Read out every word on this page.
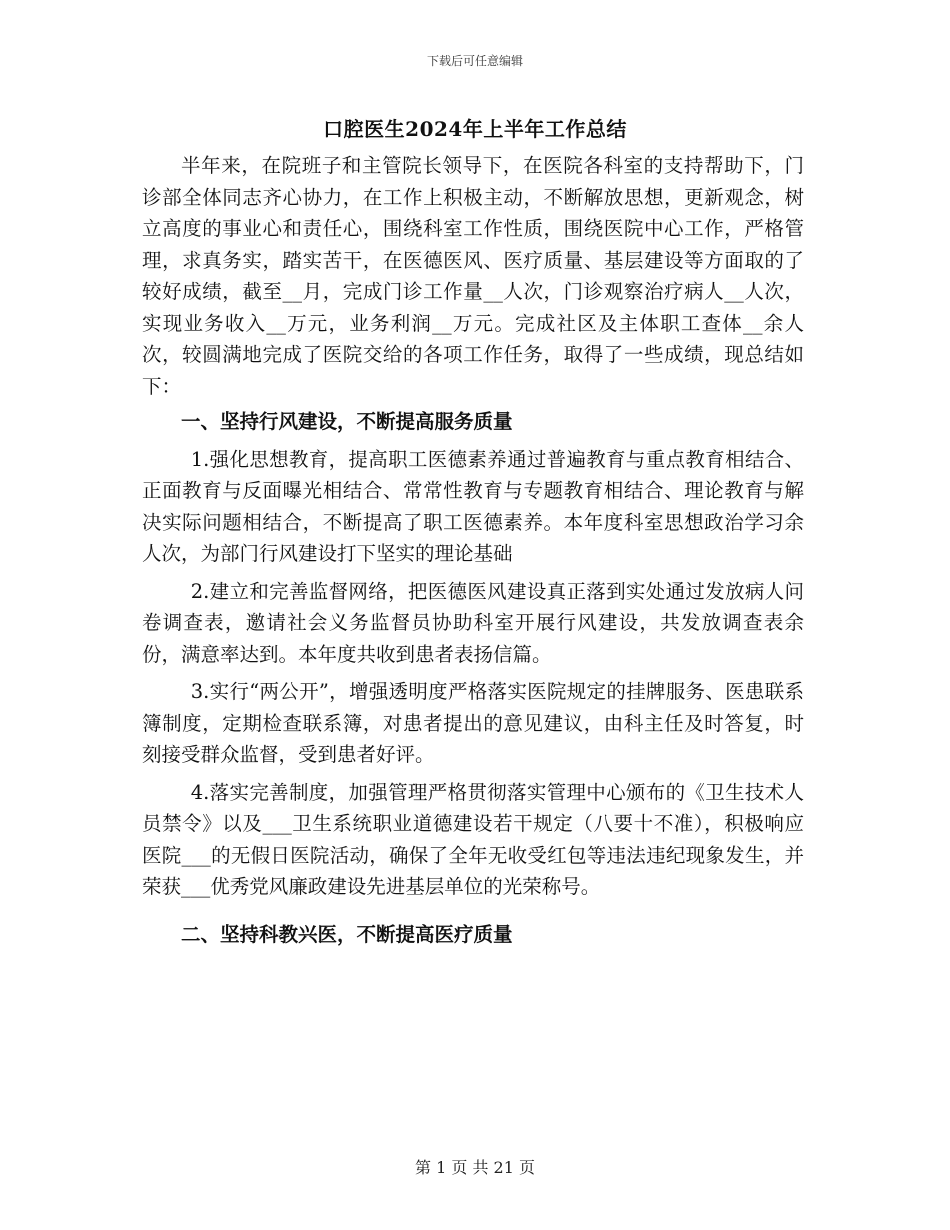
下载后可任意编辑
口腔医生2024年上半年工作总结

半年来，在院班子和主管院长领导下，在医院各科室的支持帮助下，门诊部全体同志齐心协力，在工作上积极主动，不断解放思想，更新观念，树立高度的事业心和责任心，围绕科室工作性质，围绕医院中心工作，严格管理，求真务实，踏实苦干，在医德医风、医疗质量、基层建设等方面取的了较好成绩，截至__月，完成门诊工作量__人次，门诊观察治疗病人__人次，实现业务收入__万元，业务利润__万元。完成社区及主体职工查体__余人次，较圆满地完成了医院交给的各项工作任务，取得了一些成绩，现总结如下：

一、坚持行风建设，不断提高服务质量

1.强化思想教育，提高职工医德素养通过普遍教育与重点教育相结合、正面教育与反面曝光相结合、常常性教育与专题教育相结合、理论教育与解决实际问题相结合，不断提高了职工医德素养。本年度科室思想政治学习余人次，为部门行风建设打下坚实的理论基础

2.建立和完善监督网络，把医德医风建设真正落到实处通过发放病人问卷调查表，邀请社会义务监督员协助科室开展行风建设，共发放调查表余份，满意率达到。本年度共收到患者表扬信篇。

3.实行“两公开”，增强透明度严格落实医院规定的挂牌服务、医患联系簿制度，定期检查联系簿，对患者提出的意见建议，由科主任及时答复，时刻接受群众监督，受到患者好评。

4.落实完善制度，加强管理严格贯彻落实管理中心颁布的《卫生技术人员禁令》以及___卫生系统职业道德建设若干规定（八要十不准），积极响应医院___的无假日医院活动，确保了全年无收受红包等违法违纪现象发生，并荣获___优秀党风廉政建设先进基层单位的光荣称号。

二、坚持科教兴医，不断提高医疗质量

第 1 页 共 21 页
